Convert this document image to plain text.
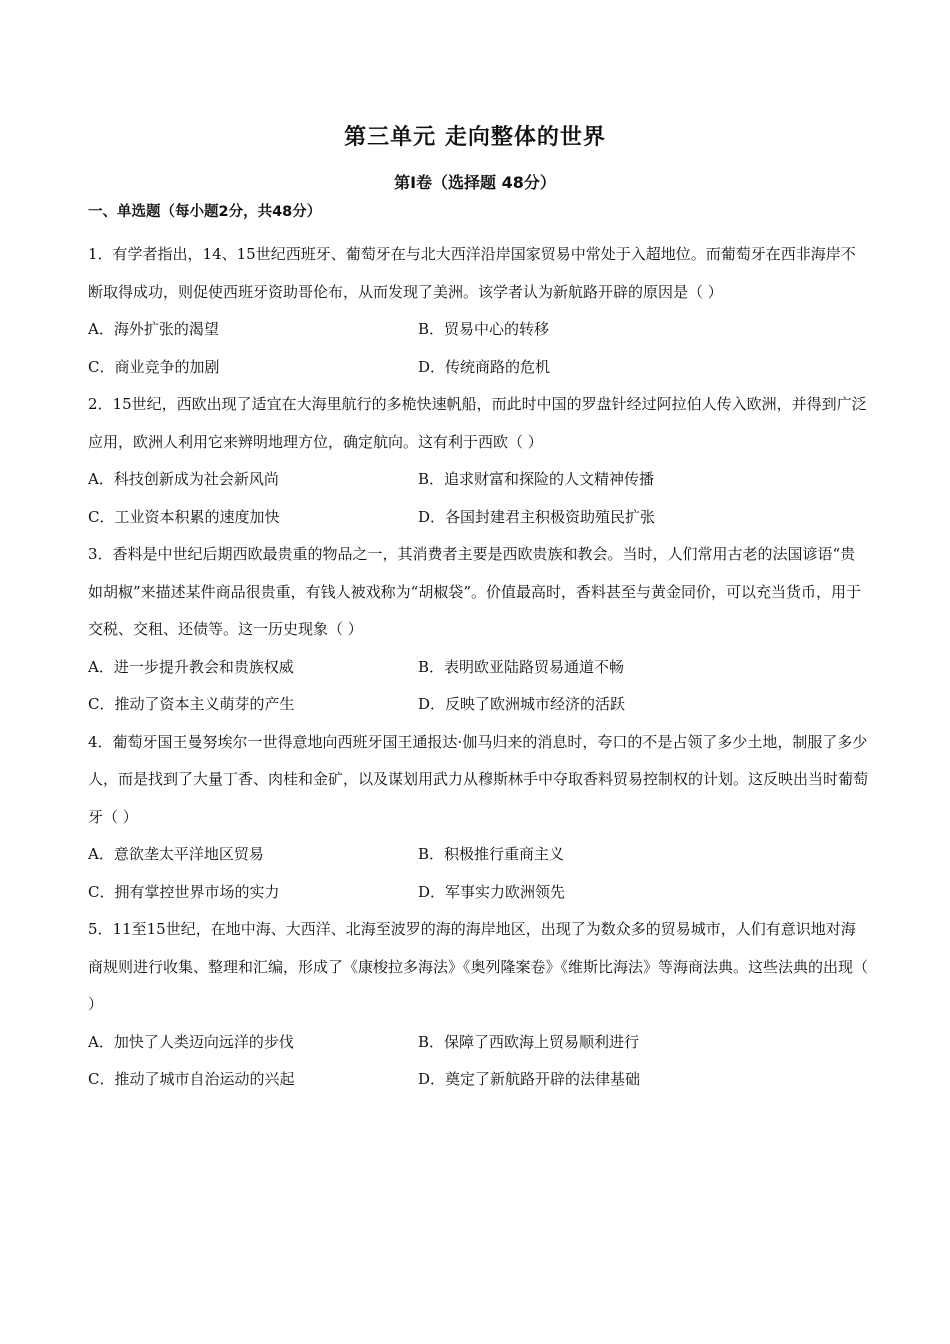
第三单元 走向整体的世界
第I卷（选择题 48分）
一、单选题（每小题2分，共48分）

1．有学者指出，14、15世纪西班牙、葡萄牙在与北大西洋沿岸国家贸易中常处于入超地位。而葡萄牙在西非海岸不断取得成功，则促使西班牙资助哥伦布，从而发现了美洲。该学者认为新航路开辟的原因是（ ）

A．海外扩张的渴望	B．贸易中心的转移
C．商业竞争的加剧	D．传统商路的危机

2．15世纪，西欧出现了适宜在大海里航行的多桅快速帆船，而此时中国的罗盘针经过阿拉伯人传入欧洲，并得到广泛应用，欧洲人利用它来辨明地理方位，确定航向。这有利于西欧（ ）

A．科技创新成为社会新风尚	B．追求财富和探险的人文精神传播
C．工业资本积累的速度加快	D．各国封建君主积极资助殖民扩张

3．香料是中世纪后期西欧最贵重的物品之一，其消费者主要是西欧贵族和教会。当时，人们常用古老的法国谚语“贵如胡椒”来描述某件商品很贵重，有钱人被戏称为“胡椒袋”。价值最高时，香料甚至与黄金同价，可以充当货币，用于交税、交租、还债等。这一历史现象（ ）

A．进一步提升教会和贵族权威	B．表明欧亚陆路贸易通道不畅
C．推动了资本主义萌芽的产生	D．反映了欧洲城市经济的活跃

4．葡萄牙国王曼努埃尔一世得意地向西班牙国王通报达·伽马归来的消息时，夸口的不是占领了多少土地，制服了多少人，而是找到了大量丁香、肉桂和金矿，以及谋划用武力从穆斯林手中夺取香料贸易控制权的计划。这反映出当时葡萄牙（ ）

A．意欲垄太平洋地区贸易	B．积极推行重商主义
C．拥有掌控世界市场的实力	D．军事实力欧洲领先

5．11至15世纪，在地中海、大西洋、北海至波罗的海的海岸地区，出现了为数众多的贸易城市，人们有意识地对海商规则进行收集、整理和汇编，形成了《康梭拉多海法》《奥列隆案卷》《维斯比海法》等海商法典。这些法典的出现（ ）

A．加快了人类迈向远洋的步伐	B．保障了西欧海上贸易顺利进行
C．推动了城市自治运动的兴起	D．奠定了新航路开辟的法律基础
